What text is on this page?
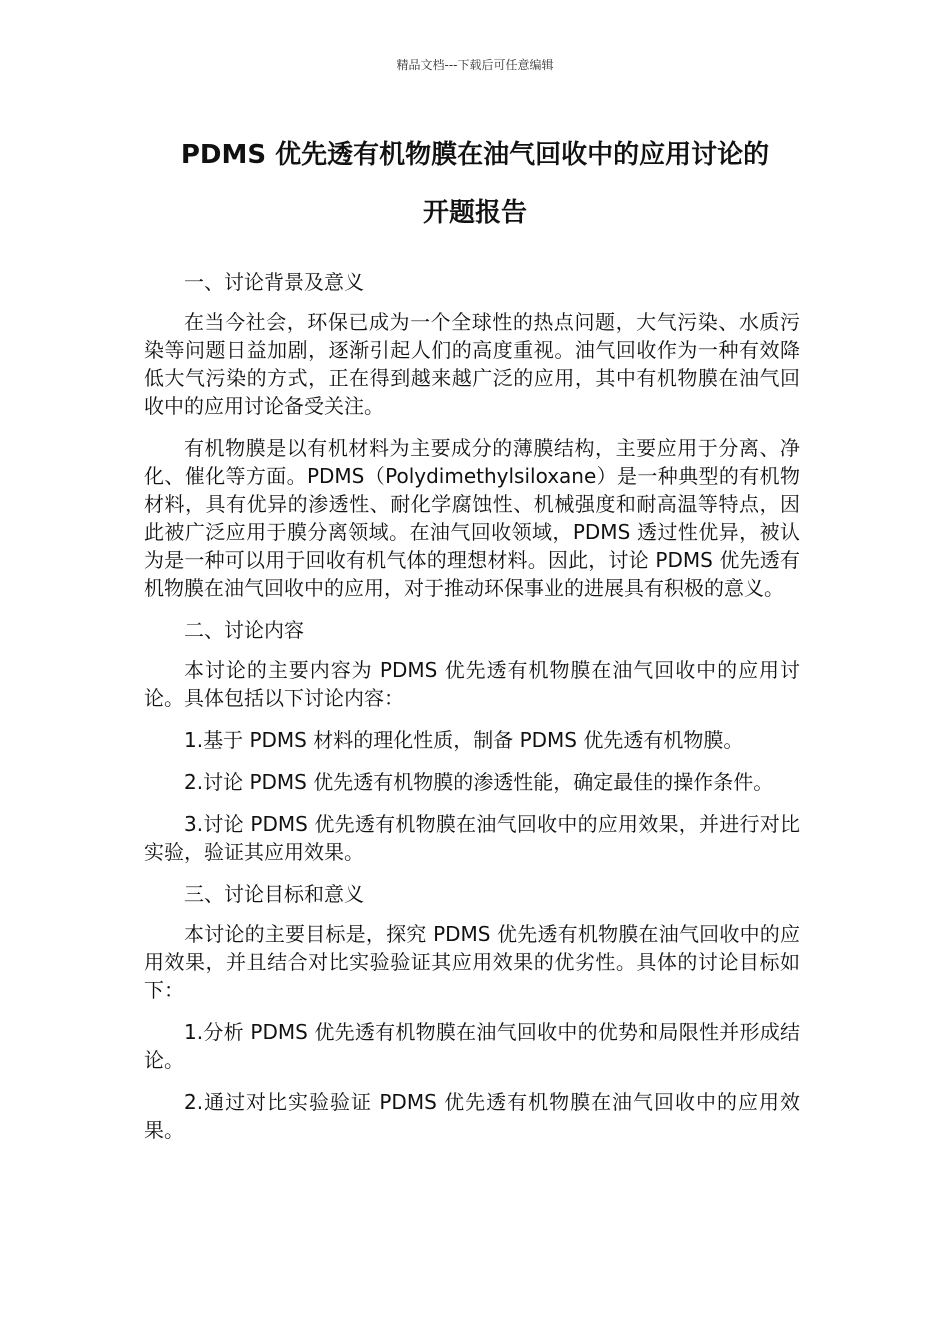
精品文档---下载后可任意编辑
PDMS 优先透有机物膜在油气回收中的应用讨论的
开题报告

一、讨论背景及意义

在当今社会，环保已成为一个全球性的热点问题，大气污染、水质污染等问题日益加剧，逐渐引起人们的高度重视。油气回收作为一种有效降低大气污染的方式，正在得到越来越广泛的应用，其中有机物膜在油气回收中的应用讨论备受关注。

有机物膜是以有机材料为主要成分的薄膜结构，主要应用于分离、净化、催化等方面。PDMS（Polydimethylsiloxane）是一种典型的有机物材料，具有优异的渗透性、耐化学腐蚀性、机械强度和耐高温等特点，因此被广泛应用于膜分离领域。在油气回收领域，PDMS 透过性优异，被认为是一种可以用于回收有机气体的理想材料。因此，讨论 PDMS 优先透有机物膜在油气回收中的应用，对于推动环保事业的进展具有积极的意义。

二、讨论内容

本讨论的主要内容为 PDMS 优先透有机物膜在油气回收中的应用讨论。具体包括以下讨论内容：

1.基于 PDMS 材料的理化性质，制备 PDMS 优先透有机物膜。

2.讨论 PDMS 优先透有机物膜的渗透性能，确定最佳的操作条件。

3.讨论 PDMS 优先透有机物膜在油气回收中的应用效果，并进行对比实验，验证其应用效果。

三、讨论目标和意义

本讨论的主要目标是，探究 PDMS 优先透有机物膜在油气回收中的应用效果，并且结合对比实验验证其应用效果的优劣性。具体的讨论目标如下：

1.分析 PDMS 优先透有机物膜在油气回收中的优势和局限性并形成结论。

2.通过对比实验验证 PDMS 优先透有机物膜在油气回收中的应用效果。
